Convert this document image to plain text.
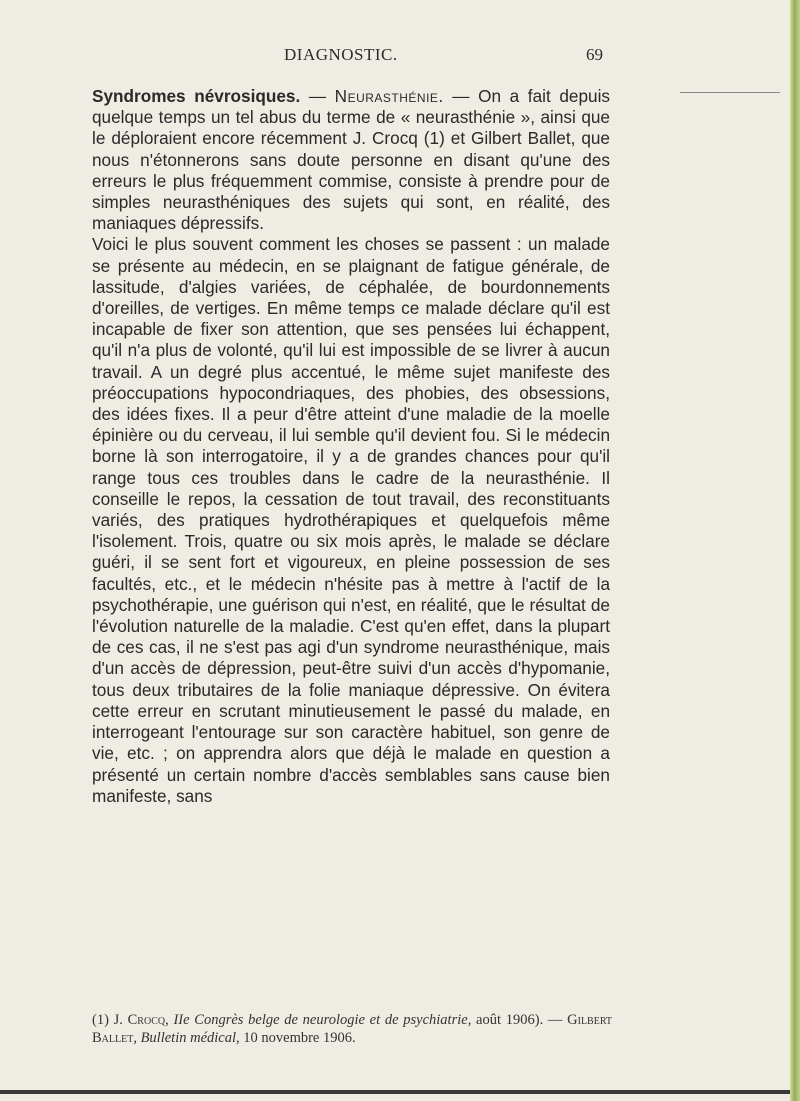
DIAGNOSTIC.	69

Syndromes névrosiques. — Neurasthénie. — On a fait depuis quelque temps un tel abus du terme de « neurasthénie », ainsi que le déploraient encore récemment J. Crocq (1) et Gilbert Ballet, que nous n'étonnerons sans doute personne en disant qu'une des erreurs le plus fréquemment commise, consiste à prendre pour de simples neurasthéniques des sujets qui sont, en réalité, des maniaques dépressifs.

Voici le plus souvent comment les choses se passent : un malade se présente au médecin, en se plaignant de fatigue générale, de lassitude, d'algies variées, de céphalée, de bourdonnements d'oreilles, de vertiges. En même temps ce malade déclare qu'il est incapable de fixer son attention, que ses pensées lui échappent, qu'il n'a plus de volonté, qu'il lui est impossible de se livrer à aucun travail. A un degré plus accentué, le même sujet manifeste des préoccupations hypocondriaques, des phobies, des obsessions, des idées fixes. Il a peur d'être atteint d'une maladie de la moelle épinière ou du cerveau, il lui semble qu'il devient fou. Si le médecin borne là son interrogatoire, il y a de grandes chances pour qu'il range tous ces troubles dans le cadre de la neurasthénie. Il conseille le repos, la cessation de tout travail, des reconstituants variés, des pratiques hydrothérapiques et quelquefois même l'isolement. Trois, quatre ou six mois après, le malade se déclare guéri, il se sent fort et vigoureux, en pleine possession de ses facultés, etc., et le médecin n'hésite pas à mettre à l'actif de la psychothérapie, une guérison qui n'est, en réalité, que le résultat de l'évolution naturelle de la maladie. C'est qu'en effet, dans la plupart de ces cas, il ne s'est pas agi d'un syndrome neurasthénique, mais d'un accès de dépression, peut-être suivi d'un accès d'hypomanie, tous deux tributaires de la folie maniaque dépressive. On évitera cette erreur en scrutant minutieusement le passé du malade, en interrogeant l'entourage sur son caractère habituel, son genre de vie, etc. ; on apprendra alors que déjà le malade en question a présenté un certain nombre d'accès semblables sans cause bien manifeste, sans

(1) J. Crocq, IIe Congrès belge de neurologie et de psychiatrie, août 1906). — Gilbert Ballet, Bulletin médical, 10 novembre 1906.
